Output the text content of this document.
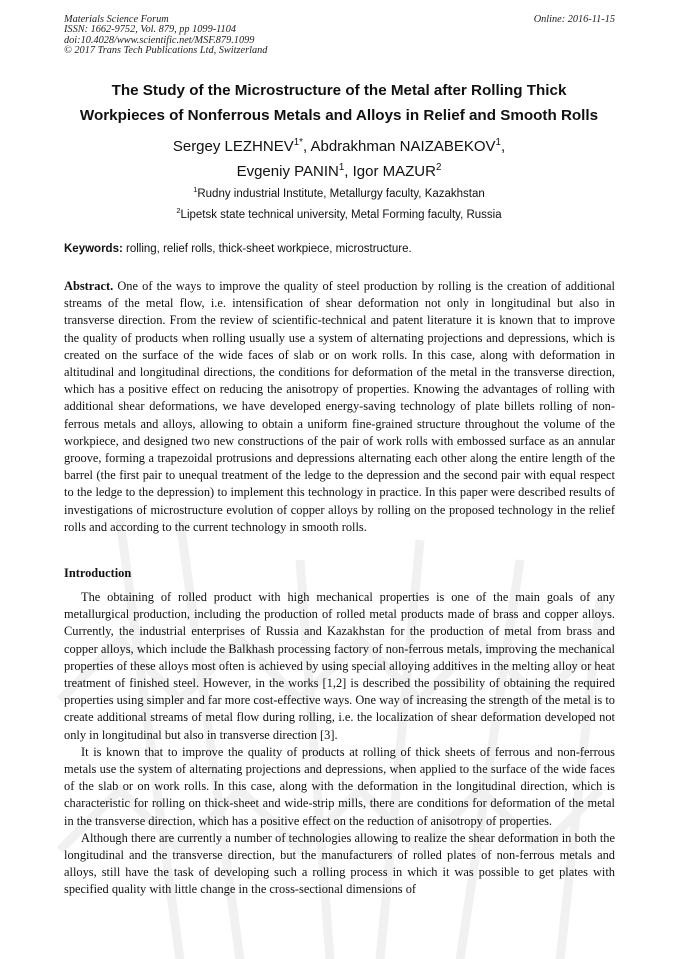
Materials Science Forum
ISSN: 1662-9752, Vol. 879, pp 1099-1104
doi:10.4028/www.scientific.net/MSF.879.1099
© 2017 Trans Tech Publications Ltd, Switzerland
Online: 2016-11-15
The Study of the Microstructure of the Metal after Rolling Thick
Workpieces of Nonferrous Metals and Alloys in Relief and Smooth Rolls
Sergey $LEZHNEV^{1*}$, Abdrakhman NAIZABEKOV$^1$,
Evgeniy PANIN$^1$, Igor MAZUR$^2$
$^1$Rudny industrial Institute, Metallurgy faculty, Kazakhstan
$^2$Lipetsk state technical university, Metal Forming faculty, Russia
Keywords: rolling, relief rolls, thick-sheet workpiece, microstructure.

Abstract. One of the ways to improve the quality of steel production by rolling is the creation of additional streams of the metal flow, i.e. intensification of shear deformation not only in longitudinal but also in transverse direction. From the review of scientific-technical and patent literature it is known that to improve the quality of products when rolling usually use a system of alternating projections and depressions, which is created on the surface of the wide faces of slab or on work rolls. In this case, along with deformation in altitudinal and longitudinal directions, the conditions for deformation of the metal in the transverse direction, which has a positive effect on reducing the anisotropy of properties. Knowing the advantages of rolling with additional shear deformations, we have developed energy-saving technology of plate billets rolling of non-ferrous metals and alloys, allowing to obtain a uniform fine-grained structure throughout the volume of the workpiece, and designed two new constructions of the pair of work rolls with embossed surface as an annular groove, forming a trapezoidal protrusions and depressions alternating each other along the entire length of the barrel (the first pair to unequal treatment of the ledge to the depression and the second pair with equal respect to the ledge to the depression) to implement this technology in practice. In this paper were described results of investigations of microstructure evolution of copper alloys by rolling on the proposed technology in the relief rolls and according to the current technology in smooth rolls.

Introduction

The obtaining of rolled product with high mechanical properties is one of the main goals of any metallurgical production, including the production of rolled metal products made of brass and copper alloys. Currently, the industrial enterprises of Russia and Kazakhstan for the production of metal from brass and copper alloys, which include the Balkhash processing factory of non-ferrous metals, improving the mechanical properties of these alloys most often is achieved by using special alloying additives in the melting alloy or heat treatment of finished steel. However, in the works [1,2] is described the possibility of obtaining the required properties using simpler and far more cost-effective ways. One way of increasing the strength of the metal is to create additional streams of metal flow during rolling, i.e. the localization of shear deformation developed not only in longitudinal but also in transverse direction [3].

It is known that to improve the quality of products at rolling of thick sheets of ferrous and non-ferrous metals use the system of alternating projections and depressions, when applied to the surface of the wide faces of the slab or on work rolls. In this case, along with the deformation in the longitudinal direction, which is characteristic for rolling on thick-sheet and wide-strip mills, there are conditions for deformation of the metal in the transverse direction, which has a positive effect on the reduction of anisotropy of properties.

Although there are currently a number of technologies allowing to realize the shear deformation in both the longitudinal and the transverse direction, but the manufacturers of rolled plates of non-ferrous metals and alloys, still have the task of developing such a rolling process in which it was possible to get plates with specified quality with little change in the cross-sectional dimensions of
